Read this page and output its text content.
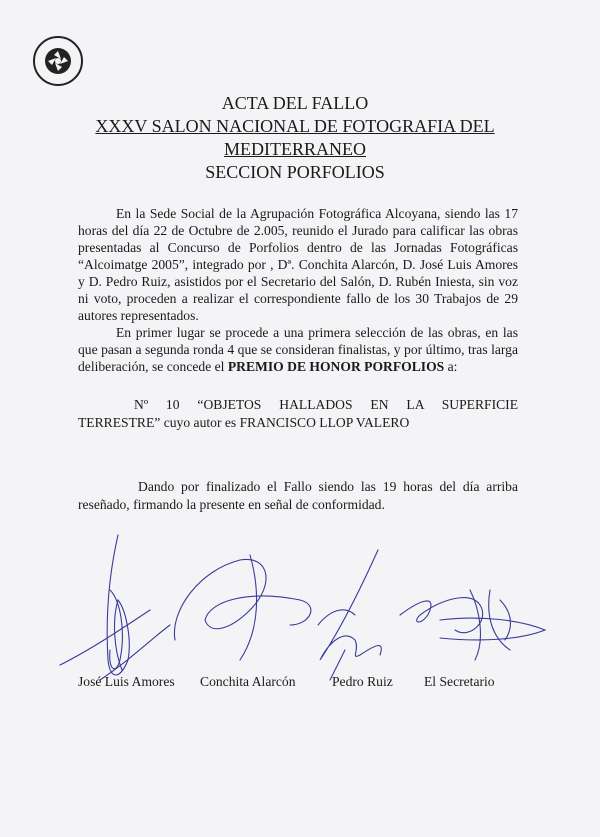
ACTA DEL FALLO
XXXV SALON NACIONAL DE FOTOGRAFIA DEL
MEDITERRANEO
SECCION PORFOLIOS

En la Sede Social de la Agrupación Fotográfica Alcoyana, siendo las 17 horas del día 22 de Octubre de 2.005, reunido el Jurado para calificar las obras presentadas al Concurso de Porfolios dentro de las Jornadas Fotográficas “Alcoimatge 2005”, integrado por , Dª. Conchita Alarcón, D. José Luis Amores y D. Pedro Ruiz, asistidos por el Secretario del Salón, D. Rubén Iniesta, sin voz ni voto, proceden a realizar el correspondiente fallo de los 30 Trabajos de 29 autores representados.

En primer lugar se procede a una primera selección de las obras, en las que pasan a segunda ronda 4 que se consideran finalistas, y por último, tras larga deliberación, se concede el PREMIO DE HONOR PORFOLIOS a:

Nº 10 “OBJETOS HALLADOS EN LA SUPERFICIE
TERRESTRE” cuyo autor es FRANCISCO LLOP VALERO

Dando por finalizado el Fallo siendo las 19 horas del día arriba reseñado, firmando la presente en señal de conformidad.

José Luis Amores Conchita Alarcón	Pedro Ruiz El Secretario
